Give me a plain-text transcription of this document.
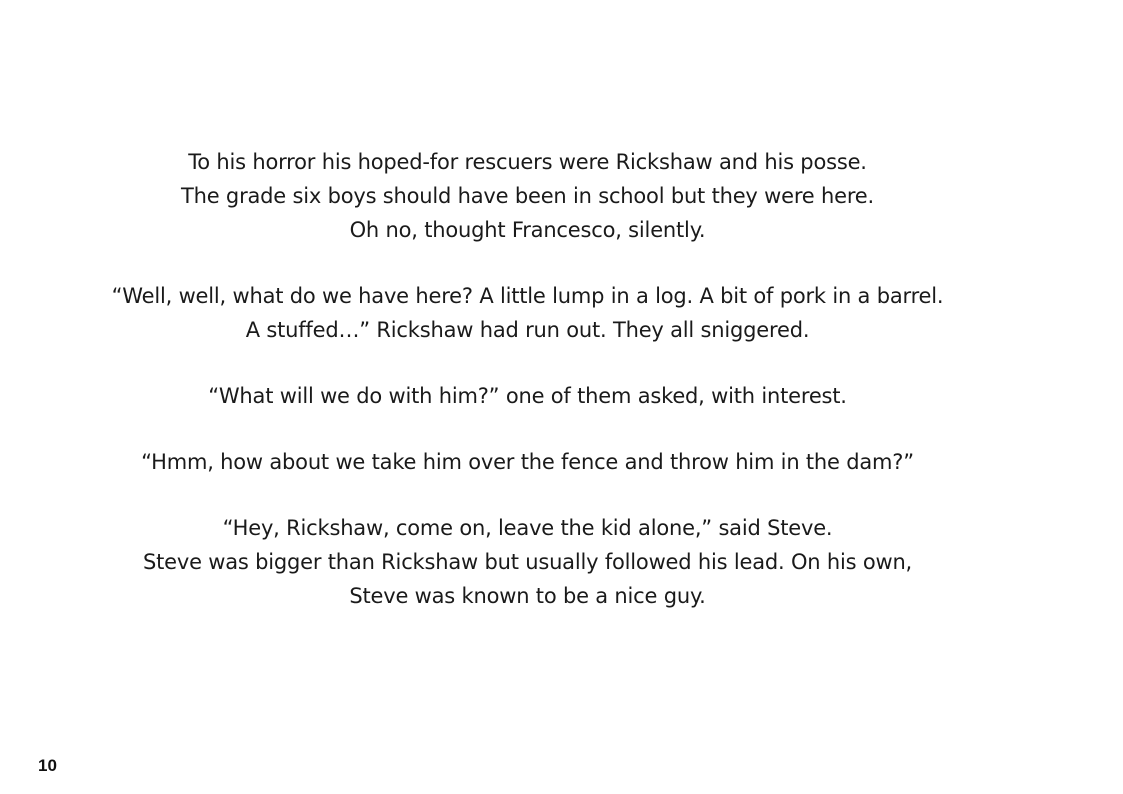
To his horror his hoped-for rescuers were Rickshaw and his posse.
The grade six boys should have been in school but they were here.
Oh no, thought Francesco, silently.

“Well, well, what do we have here? A little lump in a log. A bit of pork in a barrel.
A stuffed…” Rickshaw had run out. They all sniggered.

“What will we do with him?” one of them asked, with interest.

“Hmm, how about we take him over the fence and throw him in the dam?”

“Hey, Rickshaw, come on, leave the kid alone,” said Steve.
Steve was bigger than Rickshaw but usually followed his lead. On his own,
Steve was known to be a nice guy.

10
